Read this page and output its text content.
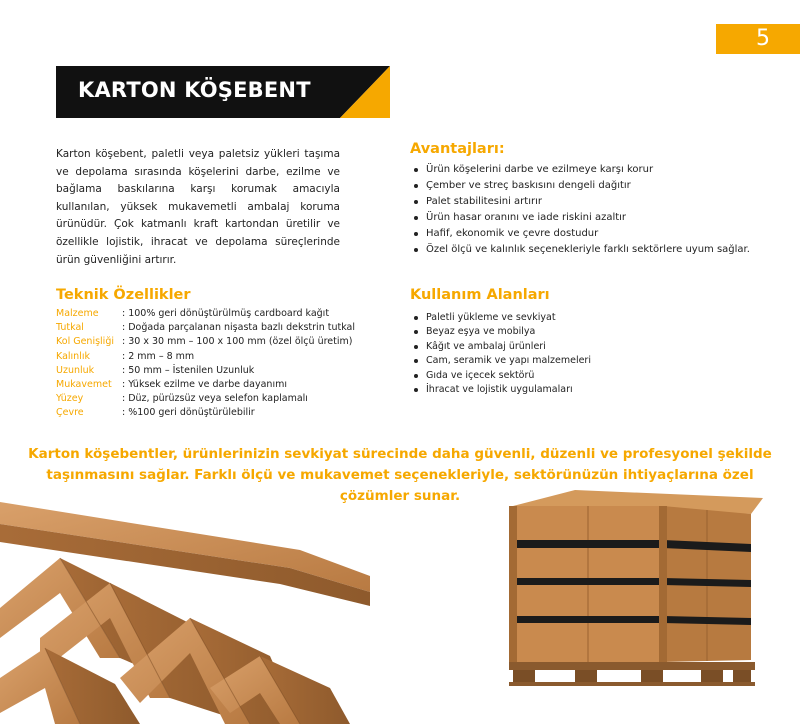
5
KARTON KÖŞEBENT
Karton köşebent, paletli veya paletsiz yükleri taşıma ve depolama sırasında köşelerini darbe, ezilme ve bağlama baskılarına karşı korumak amacıyla kullanılan, yüksek mukavemetli ambalaj koruma ürünüdür. Çok katmanlı kraft kartondan üretilir ve özellikle lojistik, ihracat ve depolama süreçlerinde ürün güvenliğini artırır.
Avantajları:
Ürün köşelerini darbe ve ezilmeye karşı korur
Çember ve streç baskısını dengeli dağıtır
Palet stabilitesini artırır
Ürün hasar oranını ve iade riskini azaltır
Hafif, ekonomik ve çevre dostudur
Özel ölçü ve kalınlık seçenekleriyle farklı sektörlere uyum sağlar.
Teknik Özellikler
Malzeme : 100% geri dönüştürülmüş cardboard kağıt
Tutkal	: Doğada parçalanan nişasta bazlı dekstrin tutkal
Kol Genişliği : 30 x 30 mm – 100 x 100 mm (özel ölçü üretim)
Kalınlık	: 2 mm – 8 mm
Uzunluk	: 50 mm – İstenilen Uzunluk
Mukavemet : Yüksek ezilme ve darbe dayanımı
Yüzey	: Düz, pürüzsüz veya selefon kaplamalı
Çevre	: %100 geri dönüştürülebilir
Kullanım Alanları
Paletli yükleme ve sevkiyat
Beyaz eşya ve mobilya
Kâğıt ve ambalaj ürünleri
Cam, seramik ve yapı malzemeleri
Gıda ve içecek sektörü
İhracat ve lojistik uygulamaları
Karton köşebentler, ürünlerinizin sevkiyat sürecinde daha güvenli, düzenli ve profesyonel şekilde taşınmasını sağlar. Farklı ölçü ve mukavemet seçenekleriyle, sektörünüzün ihtiyaçlarına özel çözümler sunar.
